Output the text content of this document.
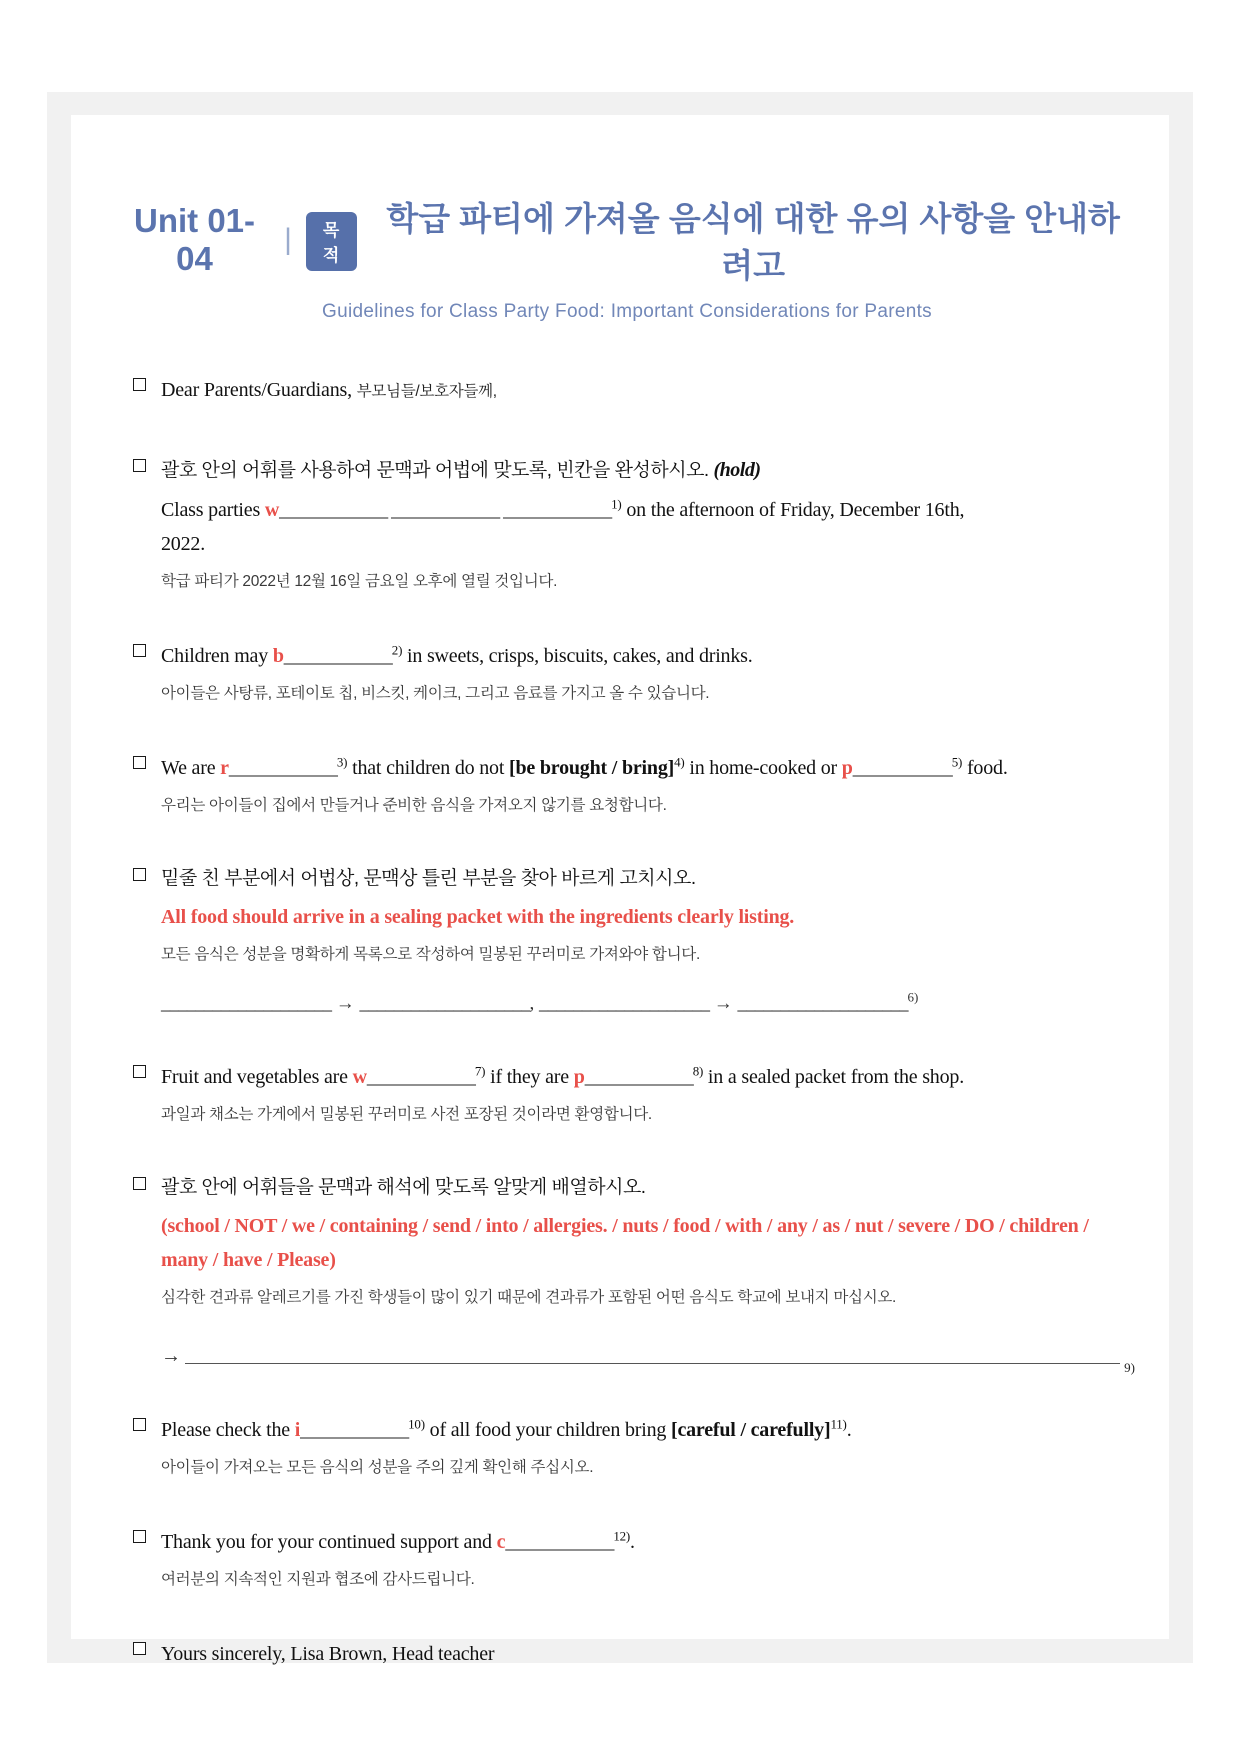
Unit 01-04
|	목적
학급 파티에 가져올 음식에 대한 유의 사항을 안내하려고
Guidelines for Class Party Food: Important Considerations for Parents
Dear Parents/Guardians, 부모님들/보호자들께,
괄호 안의 어휘를 사용하여 문맥과 어법에 맞도록, 빈칸을 완성하시오. (hold)
Class parties w____________ ____________ ____________$^{1)}$ on the afternoon of Friday, December 16th,
2022.
학급 파티가 2022년 12월 16일 금요일 오후에 열릴 것입니다.
Children may b____________$^{2)}$ in sweets, crisps, biscuits, cakes, and drinks.
아이들은 사탕류, 포테이토 칩, 비스킷, 케이크, 그리고 음료를 가지고 올 수 있습니다.
We are r____________$^{3)}$ that children do not [be brought / bring]$^{4)}$ in home-cooked or p___________$^{5)}$ food.
우리는 아이들이 집에서 만들거나 준비한 음식을 가져오지 않기를 요청합니다.
밑줄 친 부분에서 어법상, 문맥상 틀린 부분을 찾아 바르게 고치시오.
All food should arrive in a sealing packet with the ingredients clearly listing.
모든 음식은 성분을 명확하게 목록으로 작성하여 밀봉된 꾸러미로 가져와야 합니다.
____________________ → ____________________, ____________________ → ____________________$^{6)}$
Fruit and vegetables are w____________$^{7)}$ if they are p____________$^{8)}$ in a sealed packet from the shop.
과일과 채소는 가게에서 밀봉된 꾸러미로 사전 포장된 것이라면 환영합니다.
괄호 안에 어휘들을 문맥과 해석에 맞도록 알맞게 배열하시오.
(school / NOT / we / containing / send / into / allergies. / nuts / food / with / any / as / nut / severe / DO / children / many / have / Please)
심각한 견과류 알레르기를 가진 학생들이 많이 있기 때문에 견과류가 포함된 어떤 음식도 학교에 보내지 마십시오.
→
9)
Please check the i____________$^{10)}$ of all food your children bring [careful / carefully]$^{11)}$.
아이들이 가져오는 모든 음식의 성분을 주의 깊게 확인해 주십시오.
Thank you for your continued support and c____________$^{12)}$.
여러분의 지속적인 지원과 협조에 감사드립니다.
Yours sincerely, Lisa Brown, Head teacher
